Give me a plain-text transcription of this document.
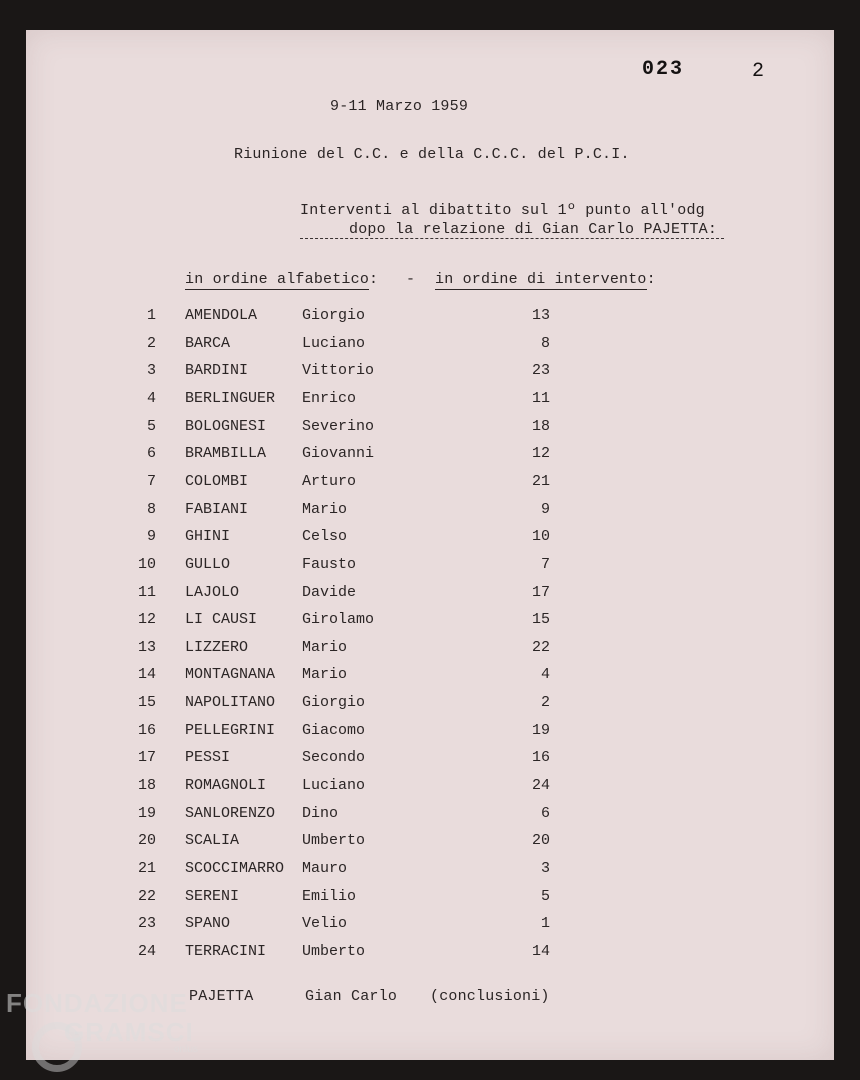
023	2
9-11 Marzo 1959
Riunione del C.C. e della C.C.C. del P.C.I.
Interventi al dibattito sul 1º punto all'odg
dopo la relazione di Gian Carlo PAJETTA:
in ordine alfabetico: - in ordine di intervento:
1 AMENDOLA	Giorgio	13
2 BARCA	Luciano	8
3 BARDINI	Vittorio	23
4 BERLINGUER Enrico	11
5 BOLOGNESI Severino	18
6 BRAMBILLA Giovanni	12
7 COLOMBI	Arturo	21
8 FABIANI	Mario	9
9 GHINI	Celso	10
10 GULLO	Fausto	7
11 LAJOLO	Davide	17
12 LI CAUSI	Girolamo	15
13 LIZZERO	Mario	22
14 MONTAGNANA Mario	4
15 NAPOLITANO Giorgio	2
16 PELLEGRINI Giacomo	19
17 PESSI	Secondo	16
18 ROMAGNOLI Luciano	24
19 SANLORENZO Dino	6
20 SCALIA	Umberto	20
21 SCOCCIMARRO Mauro	3
22 SERENI	Emilio	5
23 SPANO	Velio	1
24 TERRACINI Umberto	14
PAJETTA	Gian Carlo (conclusioni)
FONDAZIONE
GRAMSCI
onlus
